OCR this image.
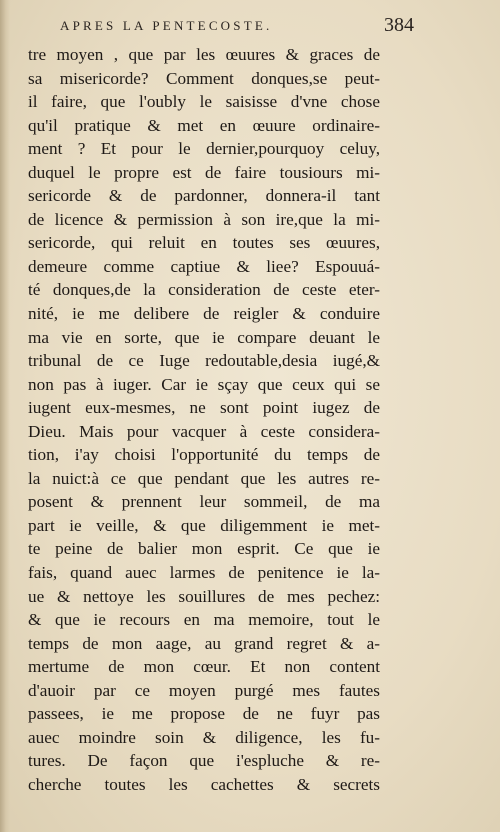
APRES LA PENTECOSTE.	384
tre moyen , que par les œuures & graces de
sa misericorde? Comment donques,se peut-
il faire, que l'oubly le saisisse d'vne chose
qu'il pratique & met en œuure ordinaire-
ment ? Et pour le dernier,pourquoy celuy,
duquel le propre est de faire tousiours mi-
sericorde & de pardonner, donnera-il tant
de licence & permission à son ire,que la mi-
sericorde, qui reluit en toutes ses œuures,
demeure comme captiue & liee? Espouuá-
té donques,de la consideration de ceste eter-
nité, ie me delibere de reigler & conduire
ma vie en sorte, que ie compare deuant le
tribunal de ce Iuge redoutable,desia iugé,&
non pas à iuger. Car ie sçay que ceux qui se
iugent eux-mesmes, ne sont point iugez de
Dieu. Mais pour vacquer à ceste considera-
tion, i'ay choisi l'opportunité du temps de
la nuict:à ce que pendant que les autres re-
posent & prennent leur sommeil, de ma
part ie veille, & que diligemment ie met-
te peine de balier mon esprit. Ce que ie
fais, quand auec larmes de penitence ie la-
ue & nettoye les souillures de mes pechez:
& que ie recours en ma memoire, tout le
temps de mon aage, au grand regret & a-
mertume de mon cœur. Et non content
d'auoir par ce moyen purgé mes fautes
passees, ie me propose de ne fuyr pas
auec moindre soin & diligence, les fu-
tures. De façon que i'espluche & re-
cherche toutes les cachettes & secrets
